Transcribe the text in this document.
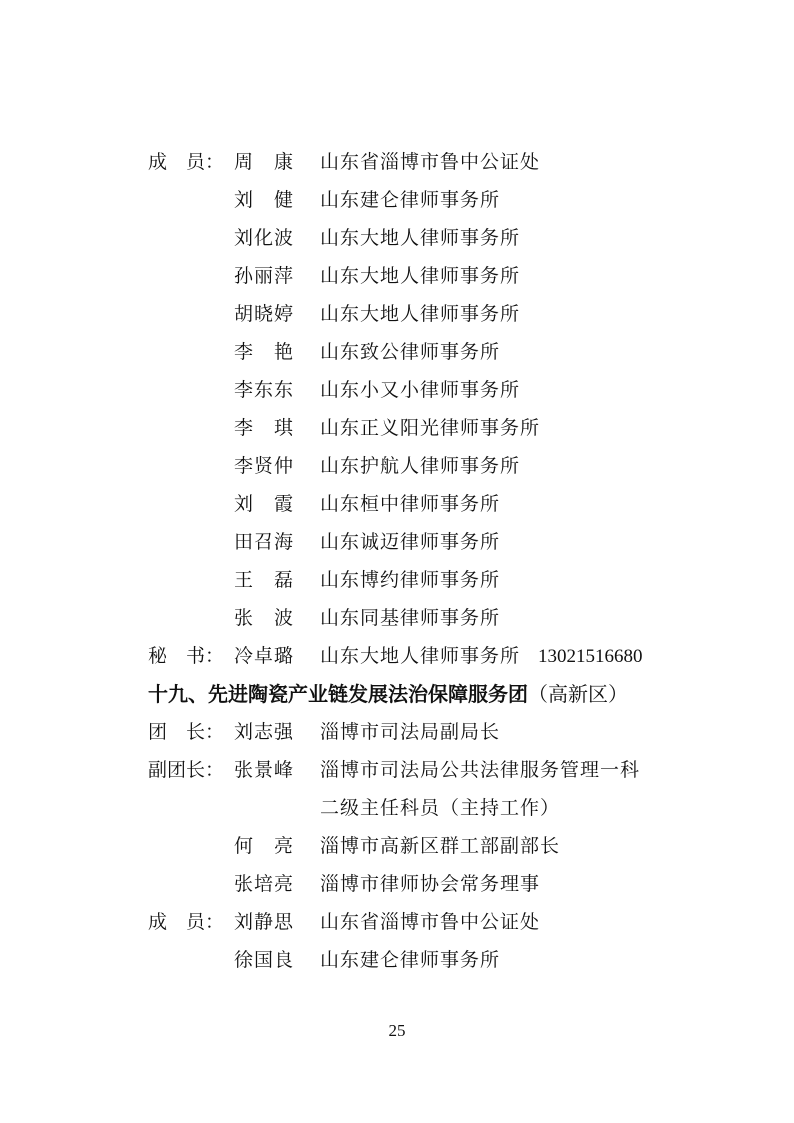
成　员： 周　康	山东省淄博市鲁中公证处
刘　健	山东建仑律师事务所
刘化波	山东大地人律师事务所
孙丽萍	山东大地人律师事务所
胡晓婷	山东大地人律师事务所
李　艳	山东致公律师事务所
李东东	山东小又小律师事务所
李　琪	山东正义阳光律师事务所
李贤仲	山东护航人律师事务所
刘　霞	山东桓中律师事务所
田召海	山东诚迈律师事务所
王　磊	山东博约律师事务所
张　波	山东同基律师事务所
秘　书： 冷卓璐	山东大地人律师事务所 13021516680
十九、先进陶瓷产业链发展法治保障服务团（高新区）
团　长： 刘志强	淄博市司法局副局长
副团长： 张景峰	淄博市司法局公共法律服务管理一科
二级主任科员（主持工作）
何　亮	淄博市高新区群工部副部长
张培亮	淄博市律师协会常务理事
成　员： 刘静思	山东省淄博市鲁中公证处
徐国良	山东建仑律师事务所
25
